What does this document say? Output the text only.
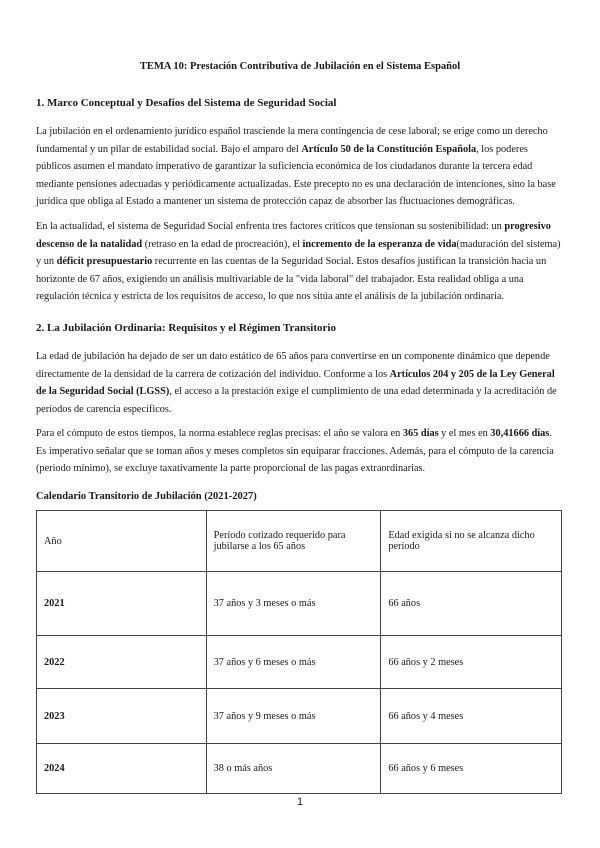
TEMA 10: Prestación Contributiva de Jubilación en el Sistema Español
1. Marco Conceptual y Desafíos del Sistema de Seguridad Social
La jubilación en el ordenamiento jurídico español trasciende la mera contingencia de cese laboral; se erige como un derecho fundamental y un pilar de estabilidad social. Bajo el amparo del Artículo 50 de la Constitución Española, los poderes públicos asumen el mandato imperativo de garantizar la suficiencia económica de los ciudadanos durante la tercera edad mediante pensiones adecuadas y periódicamente actualizadas. Este precepto no es una declaración de intenciones, sino la base jurídica que obliga al Estado a mantener un sistema de protección capaz de absorber las fluctuaciones demográficas.
En la actualidad, el sistema de Seguridad Social enfrenta tres factores críticos que tensionan su sostenibilidad: un progresivo descenso de la natalidad (retraso en la edad de procreación), el incremento de la esperanza de vida(maduración del sistema) y un déficit presupuestario recurrente en las cuentas de la Seguridad Social. Estos desafíos justifican la transición hacia un horizonte de 67 años, exigiendo un análisis multivariable de la "vida laboral" del trabajador. Esta realidad obliga a una regulación técnica y estricta de los requisitos de acceso, lo que nos sitúa ante el análisis de la jubilación ordinaria.
2. La Jubilación Ordinaria: Requisitos y el Régimen Transitorio
La edad de jubilación ha dejado de ser un dato estático de 65 años para convertirse en un componente dinámico que depende directamente de la densidad de la carrera de cotización del individuo. Conforme a los Artículos 204 y 205 de la Ley General de la Seguridad Social (LGSS), el acceso a la prestación exige el cumplimiento de una edad determinada y la acreditación de períodos de carencia específicos.
Para el cómputo de estos tiempos, la norma establece reglas precisas: el año se valora en 365 días y el mes en 30,41666 días. Es imperativo señalar que se toman años y meses completos sin equiparar fracciones. Además, para el cómputo de la carencia (periodo mínimo), se excluye taxativamente la parte proporcional de las pagas extraordinarias.
Calendario Transitorio de Jubilación (2021-2027)
Año	Período cotizado requerido para jubilarse a los 65 años	Edad exigida si no se alcanza dicho período
2021	37 años y 3 meses o más	66 años
2022	37 años y 6 meses o más	66 años y 2 meses
2023	37 años y 9 meses o más	66 años y 4 meses
2024	38 o más años	66 años y 6 meses
1
